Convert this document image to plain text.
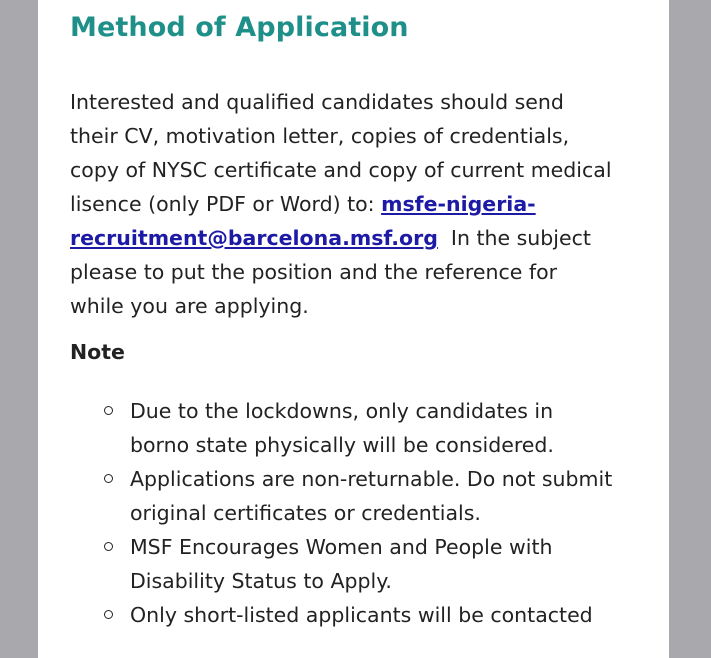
Method of Application

Interested and qualified candidates should send
their CV, motivation letter, copies of credentials,
copy of NYSC certificate and copy of current medical
lisence (only PDF or Word) to: msfe-nigeria-
recruitment@barcelona.msf.org  In the subject
please to put the position and the reference for
while you are applying.

Note

Due to the lockdowns, only candidates in
borno state physically will be considered.
Applications are non-returnable. Do not submit
original certificates or credentials.
MSF Encourages Women and People with
Disability Status to Apply.
Only short-listed applicants will be contacted
